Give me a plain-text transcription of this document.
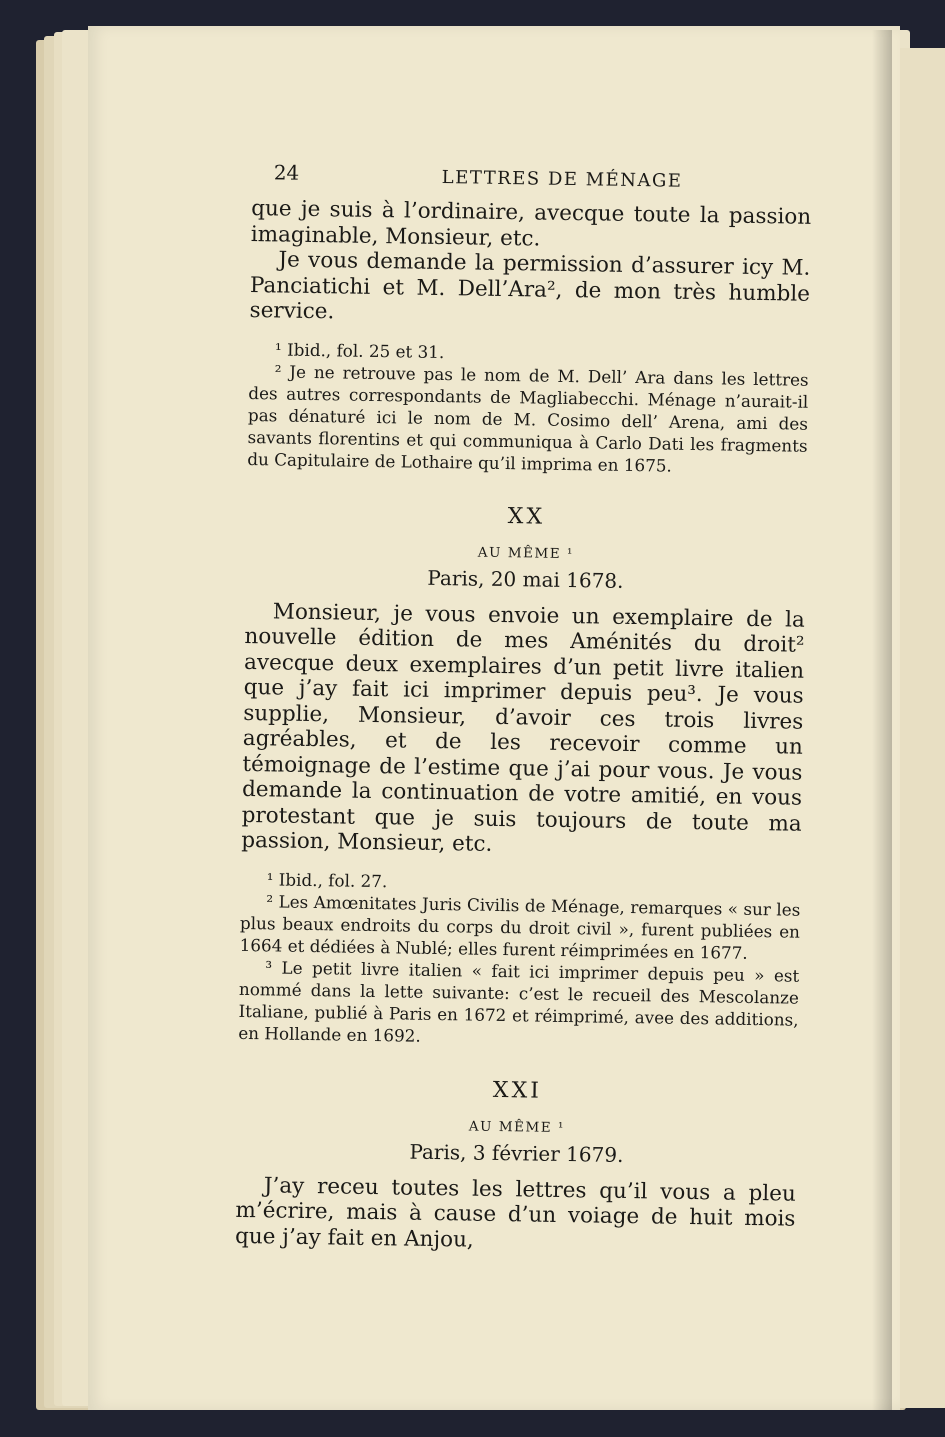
24	LETTRES DE MÉNAGE

que je suis à l’ordinaire, avecque toute la passion imaginable, Monsieur, etc.

Je vous demande la permission d’assurer icy M. Panciatichi et M. Dell’Ara², de mon très humble service.

¹ Ibid., fol. 25 et 31.

² Je ne retrouve pas le nom de M. Dell’ Ara dans les lettres des autres correspondants de Magliabecchi. Ménage n’aurait-il pas dénaturé ici le nom de M. Cosimo dell’ Arena, ami des savants florentins et qui communiqua à Carlo Dati les fragments du Capitulaire de Lothaire qu’il imprima en 1675.

XX
AU MÊME ¹
Paris, 20 mai 1678.

Monsieur, je vous envoie un exemplaire de la nouvelle édition de mes Aménités du droit² avecque deux exemplaires d’un petit livre italien que j’ay fait ici imprimer depuis peu³. Je vous supplie, Monsieur, d’avoir ces trois livres agréables, et de les recevoir comme un témoignage de l’estime que j’ai pour vous. Je vous demande la continuation de votre amitié, en vous protestant que je suis toujours de toute ma passion, Monsieur, etc.

¹ Ibid., fol. 27.

² Les Amœnitates Juris Civilis de Ménage, remarques « sur les plus beaux endroits du corps du droit civil », furent publiées en 1664 et dédiées à Nublé; elles furent réimprimées en 1677.

³ Le petit livre italien « fait ici imprimer depuis peu » est nommé dans la lette suivante: c’est le recueil des Mescolanze Italiane, publié à Paris en 1672 et réimprimé, avee des additions, en Hollande en 1692.

XXI
AU MÊME ¹
Paris, 3 février 1679.

J’ay receu toutes les lettres qu’il vous a pleu m’écrire, mais à cause d’un voiage de huit mois que j’ay fait en Anjou,
